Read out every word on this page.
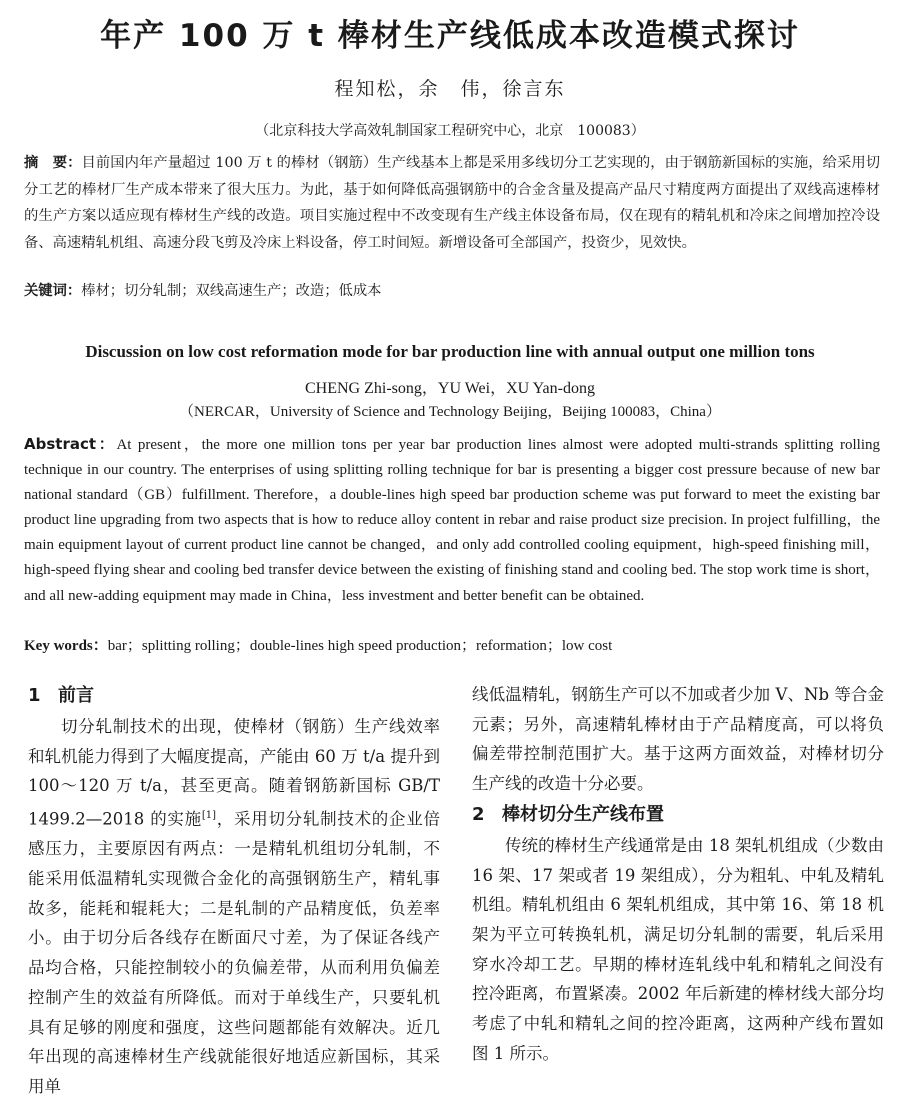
年产 100 万 t 棒材生产线低成本改造模式探讨
程知松，余　伟，徐言东
（北京科技大学高效轧制国家工程研究中心，北京　100083）
摘　要：目前国内年产量超过 100 万 t 的棒材（钢筋）生产线基本上都是采用多线切分工艺实现的，由于钢筋新国标的实施，给采用切分工艺的棒材厂生产成本带来了很大压力。为此，基于如何降低高强钢筋中的合金含量及提高产品尺寸精度两方面提出了双线高速棒材的生产方案以适应现有棒材生产线的改造。项目实施过程中不改变现有生产线主体设备布局，仅在现有的精轧机和冷床之间增加控冷设备、高速精轧机组、高速分段飞剪及冷床上料设备，停工时间短。新增设备可全部国产，投资少，见效快。
关键词：棒材；切分轧制；双线高速生产；改造；低成本
Discussion on low cost reformation mode for bar production line with annual output one million tons
CHENG Zhi-song，YU Wei，XU Yan-dong
（NERCAR，University of Science and Technology Beijing，Beijing 100083，China）
Abstract：At present，the more one million tons per year bar production lines almost were adopted multi-strands splitting rolling technique in our country. The enterprises of using splitting rolling technique for bar is presenting a bigger cost pressure because of new bar national standard（GB）fulfillment. Therefore，a double-lines high speed bar production scheme was put forward to meet the existing bar product line upgrading from two aspects that is how to reduce alloy content in rebar and raise product size precision. In project fulfilling，the main equipment layout of current product line cannot be changed，and only add controlled cooling equipment，high-speed finishing mill，high-speed flying shear and cooling bed transfer device between the existing of finishing stand and cooling bed. The stop work time is short，and all new-adding equipment may made in China，less investment and better benefit can be obtained.
Key words：bar；splitting rolling；double-lines high speed production；reformation；low cost

1 前言

切分轧制技术的出现，使棒材（钢筋）生产线效率和轧机能力得到了大幅度提高，产能由 60 万 t/a 提升到 100～120 万 t/a，甚至更高。随着钢筋新国标 GB/T 1499.2—2018 的实施[1]，采用切分轧制技术的企业倍感压力，主要原因有两点：一是精轧机组切分轧制，不能采用低温精轧实现微合金化的高强钢筋生产，精轧事故多，能耗和辊耗大；二是轧制的产品精度低，负差率小。由于切分后各线存在断面尺寸差，为了保证各线产品均合格，只能控制较小的负偏差带，从而利用负偏差控制产生的效益有所降低。而对于单线生产，只要轧机具有足够的刚度和强度，这些问题都能有效解决。近几年出现的高速棒材生产线就能很好地适应新国标，其采用单

线低温精轧，钢筋生产可以不加或者少加 V、Nb 等合金元素；另外，高速精轧棒材由于产品精度高，可以将负偏差带控制范围扩大。基于这两方面效益，对棒材切分生产线的改造十分必要。

2 棒材切分生产线布置

传统的棒材生产线通常是由 18 架轧机组成（少数由 16 架、17 架或者 19 架组成），分为粗轧、中轧及精轧机组。精轧机组由 6 架轧机组成，其中第 16、第 18 机架为平立可转换轧机，满足切分轧制的需要，轧后采用穿水冷却工艺。早期的棒材连轧线中轧和精轧之间没有控冷距离，布置紧凑。2002 年后新建的棒材线大部分均考虑了中轧和精轧之间的控冷距离，这两种产线布置如图 1 所示。
